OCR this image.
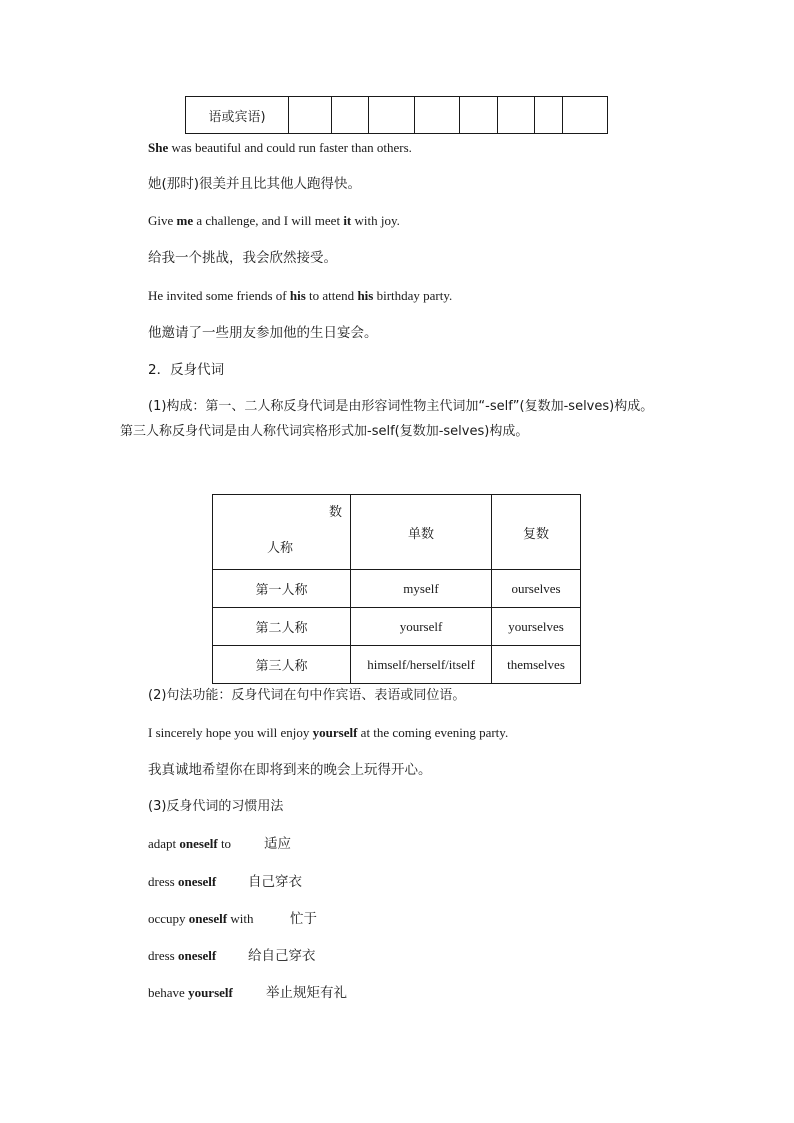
语或宾语)								
She was beautiful and could run faster than others.
她(那时)很美并且比其他人跑得快。
Give me a challenge, and I will meet it with joy.
给我一个挑战，我会欣然接受。
He invited some friends of his to attend his birthday party.
他邀请了一些朋友参加他的生日宴会。
2．反身代词
(1)构成：第一、二人称反身代词是由形容词性物主代词加“-self”(复数加-selves)构成。
第三人称反身代词是由人称代词宾格形式加-self(复数加-selves)构成。
数
人称	单数	复数
第一人称	myself	ourselves
第二人称	yourself	yourselves
第三人称	himself/herself/itself	themselves
(2)句法功能：反身代词在句中作宾语、表语或同位语。
I sincerely hope you will enjoy yourself at the coming evening party.
我真诚地希望你在即将到来的晚会上玩得开心。
(3)反身代词的习惯用法
adapt oneself to 适应
dress oneself 自己穿衣
occupy oneself with	忙于
dress oneself 给自己穿衣
behave yourself 举止规矩有礼
